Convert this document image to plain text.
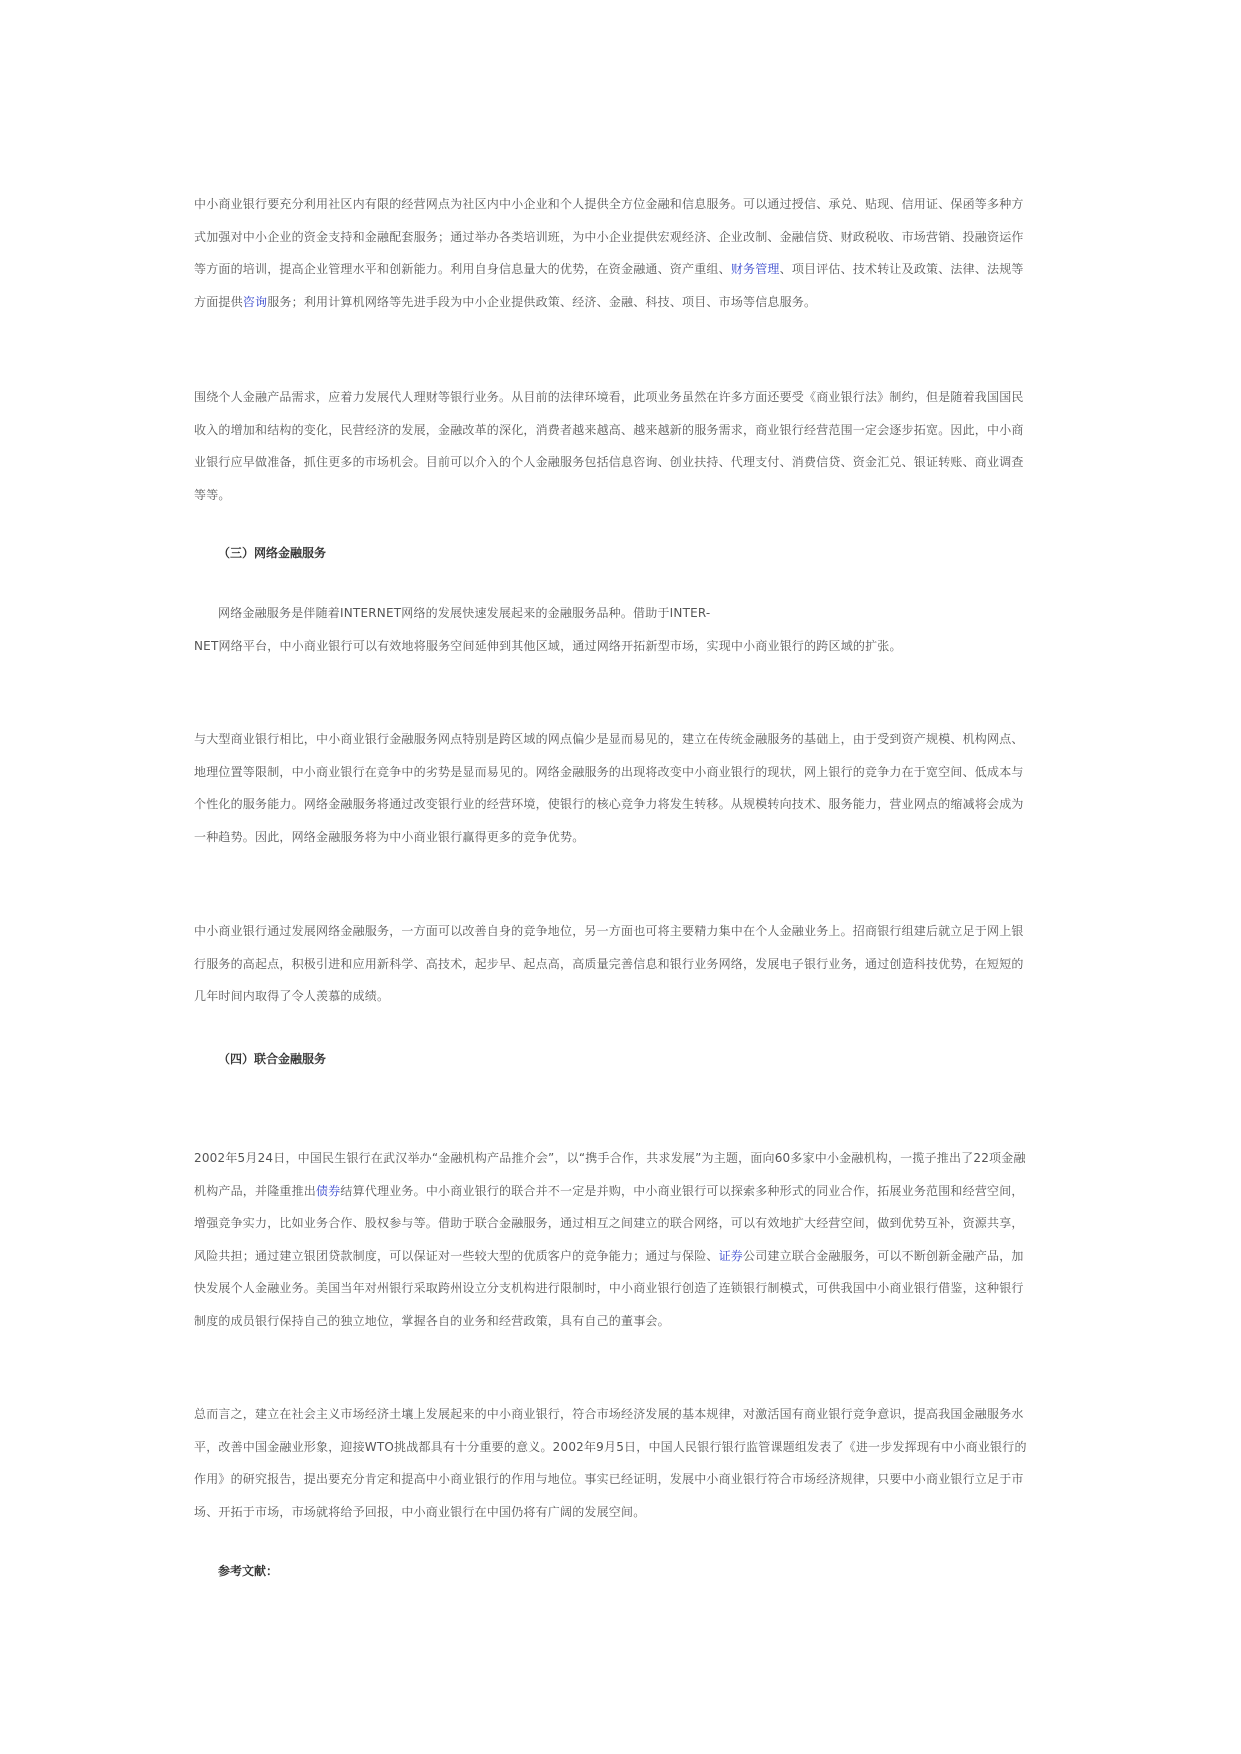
中小商业银行要充分利用社区内有限的经营网点为社区内中小企业和个人提供全方位金融和信息服务。可以通过授信、承兑、贴现、信用证、保函等多种方
式加强对中小企业的资金支持和金融配套服务；通过举办各类培训班，为中小企业提供宏观经济、企业改制、金融信贷、财政税收、市场营销、投融资运作
等方面的培训，提高企业管理水平和创新能力。利用自身信息量大的优势，在资金融通、资产重组、财务管理、项目评估、技术转让及政策、法律、法规等
方面提供咨询服务；利用计算机网络等先进手段为中小企业提供政策、经济、金融、科技、项目、市场等信息服务。

围绕个人金融产品需求，应着力发展代人理财等银行业务。从目前的法律环境看，此项业务虽然在许多方面还要受《商业银行法》制约，但是随着我国国民
收入的增加和结构的变化，民营经济的发展，金融改革的深化，消费者越来越高、越来越新的服务需求，商业银行经营范围一定会逐步拓宽。因此，中小商
业银行应早做准备，抓住更多的市场机会。目前可以介入的个人金融服务包括信息咨询、创业扶持、代理支付、消费信贷、资金汇兑、银证转账、商业调查
等等。

（三）网络金融服务

网络金融服务是伴随着INTERNET网络的发展快速发展起来的金融服务品种。借助于INTER-
NET网络平台，中小商业银行可以有效地将服务空间延伸到其他区域，通过网络开拓新型市场，实现中小商业银行的跨区域的扩张。

与大型商业银行相比，中小商业银行金融服务网点特别是跨区域的网点偏少是显而易见的，建立在传统金融服务的基础上，由于受到资产规模、机构网点、
地理位置等限制，中小商业银行在竞争中的劣势是显而易见的。网络金融服务的出现将改变中小商业银行的现状，网上银行的竞争力在于宽空间、低成本与
个性化的服务能力。网络金融服务将通过改变银行业的经营环境，使银行的核心竞争力将发生转移。从规模转向技术、服务能力，营业网点的缩减将会成为
一种趋势。因此，网络金融服务将为中小商业银行赢得更多的竞争优势。

中小商业银行通过发展网络金融服务，一方面可以改善自身的竞争地位，另一方面也可将主要精力集中在个人金融业务上。招商银行组建后就立足于网上银
行服务的高起点，积极引进和应用新科学、高技术，起步早、起点高，高质量完善信息和银行业务网络，发展电子银行业务，通过创造科技优势，在短短的
几年时间内取得了令人羡慕的成绩。

（四）联合金融服务

2002年5月24日，中国民生银行在武汉举办“金融机构产品推介会”，以“携手合作，共求发展”为主题，面向60多家中小金融机构，一揽子推出了22项金融
机构产品，并隆重推出债券结算代理业务。中小商业银行的联合并不一定是并购，中小商业银行可以探索多种形式的同业合作，拓展业务范围和经营空间，
增强竞争实力，比如业务合作、股权参与等。借助于联合金融服务，通过相互之间建立的联合网络，可以有效地扩大经营空间，做到优势互补，资源共享，
风险共担；通过建立银团贷款制度，可以保证对一些较大型的优质客户的竞争能力；通过与保险、证券公司建立联合金融服务，可以不断创新金融产品，加
快发展个人金融业务。美国当年对州银行采取跨州设立分支机构进行限制时，中小商业银行创造了连锁银行制模式，可供我国中小商业银行借鉴，这种银行
制度的成员银行保持自己的独立地位，掌握各自的业务和经营政策，具有自己的董事会。

总而言之，建立在社会主义市场经济土壤上发展起来的中小商业银行，符合市场经济发展的基本规律，对激活国有商业银行竞争意识，提高我国金融服务水
平，改善中国金融业形象，迎接WTO挑战都具有十分重要的意义。2002年9月5日，中国人民银行银行监管课题组发表了《进一步发挥现有中小商业银行的
作用》的研究报告，提出要充分肯定和提高中小商业银行的作用与地位。事实已经证明，发展中小商业银行符合市场经济规律，只要中小商业银行立足于市
场、开拓于市场，市场就将给予回报，中小商业银行在中国仍将有广阔的发展空间。

参考文献：
